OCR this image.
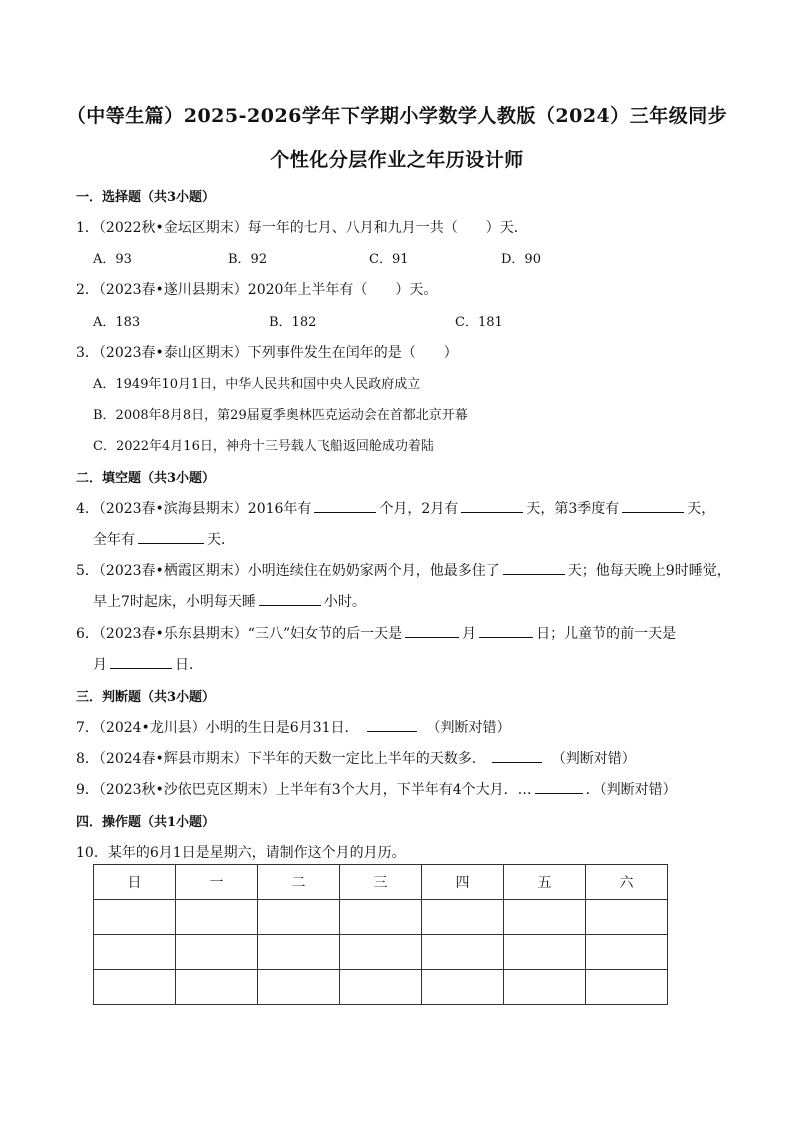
（中等生篇）2025-2026学年下学期小学数学人教版（2024）三年级同步
个性化分层作业之年历设计师
一．选择题（共3小题）
1．（2022秋•金坛区期末）每一年的七月、八月和九月一共（　　）天．
A．93	B．92	C．91	D．90
2．（2023春•遂川县期末）2020年上半年有（　　）天。
A．183	B．182	C．181
3．（2023春•泰山区期末）下列事件发生在闰年的是（　　）
A．1949年10月1日，中华人民共和国中央人民政府成立
B．2008年8月8日，第29届夏季奥林匹克运动会在首都北京开幕
C．2022年4月16日，神舟十三号载人飞船返回舱成功着陆
二．填空题（共3小题）
4．（2023春•滨海县期末）2016年有	个月，2月有	天，第3季度有	天，
全年有	天．
5．（2023春•栖霞区期末）小明连续住在奶奶家两个月，他最多住了	天；他每天晚上9时睡觉，
早上7时起床，小明每天睡	小时。
6．（2023春•乐东县期末）“三八”妇女节的后一天是	月	日；儿童节的前一天是
月	日．
三．判断题（共3小题）
7．（2024•龙川县）小明的生日是6月31日．	（判断对错）
8．（2024春•辉县市期末）下半年的天数一定比上半年的天数多．	（判断对错）
9．（2023秋•沙依巴克区期末）上半年有3个大月，下半年有4个大月．…	．（判断对错）
四．操作题（共1小题）
10．某年的6月1日是星期六，请制作这个月的月历。
日	一	二	三	四	五	六
